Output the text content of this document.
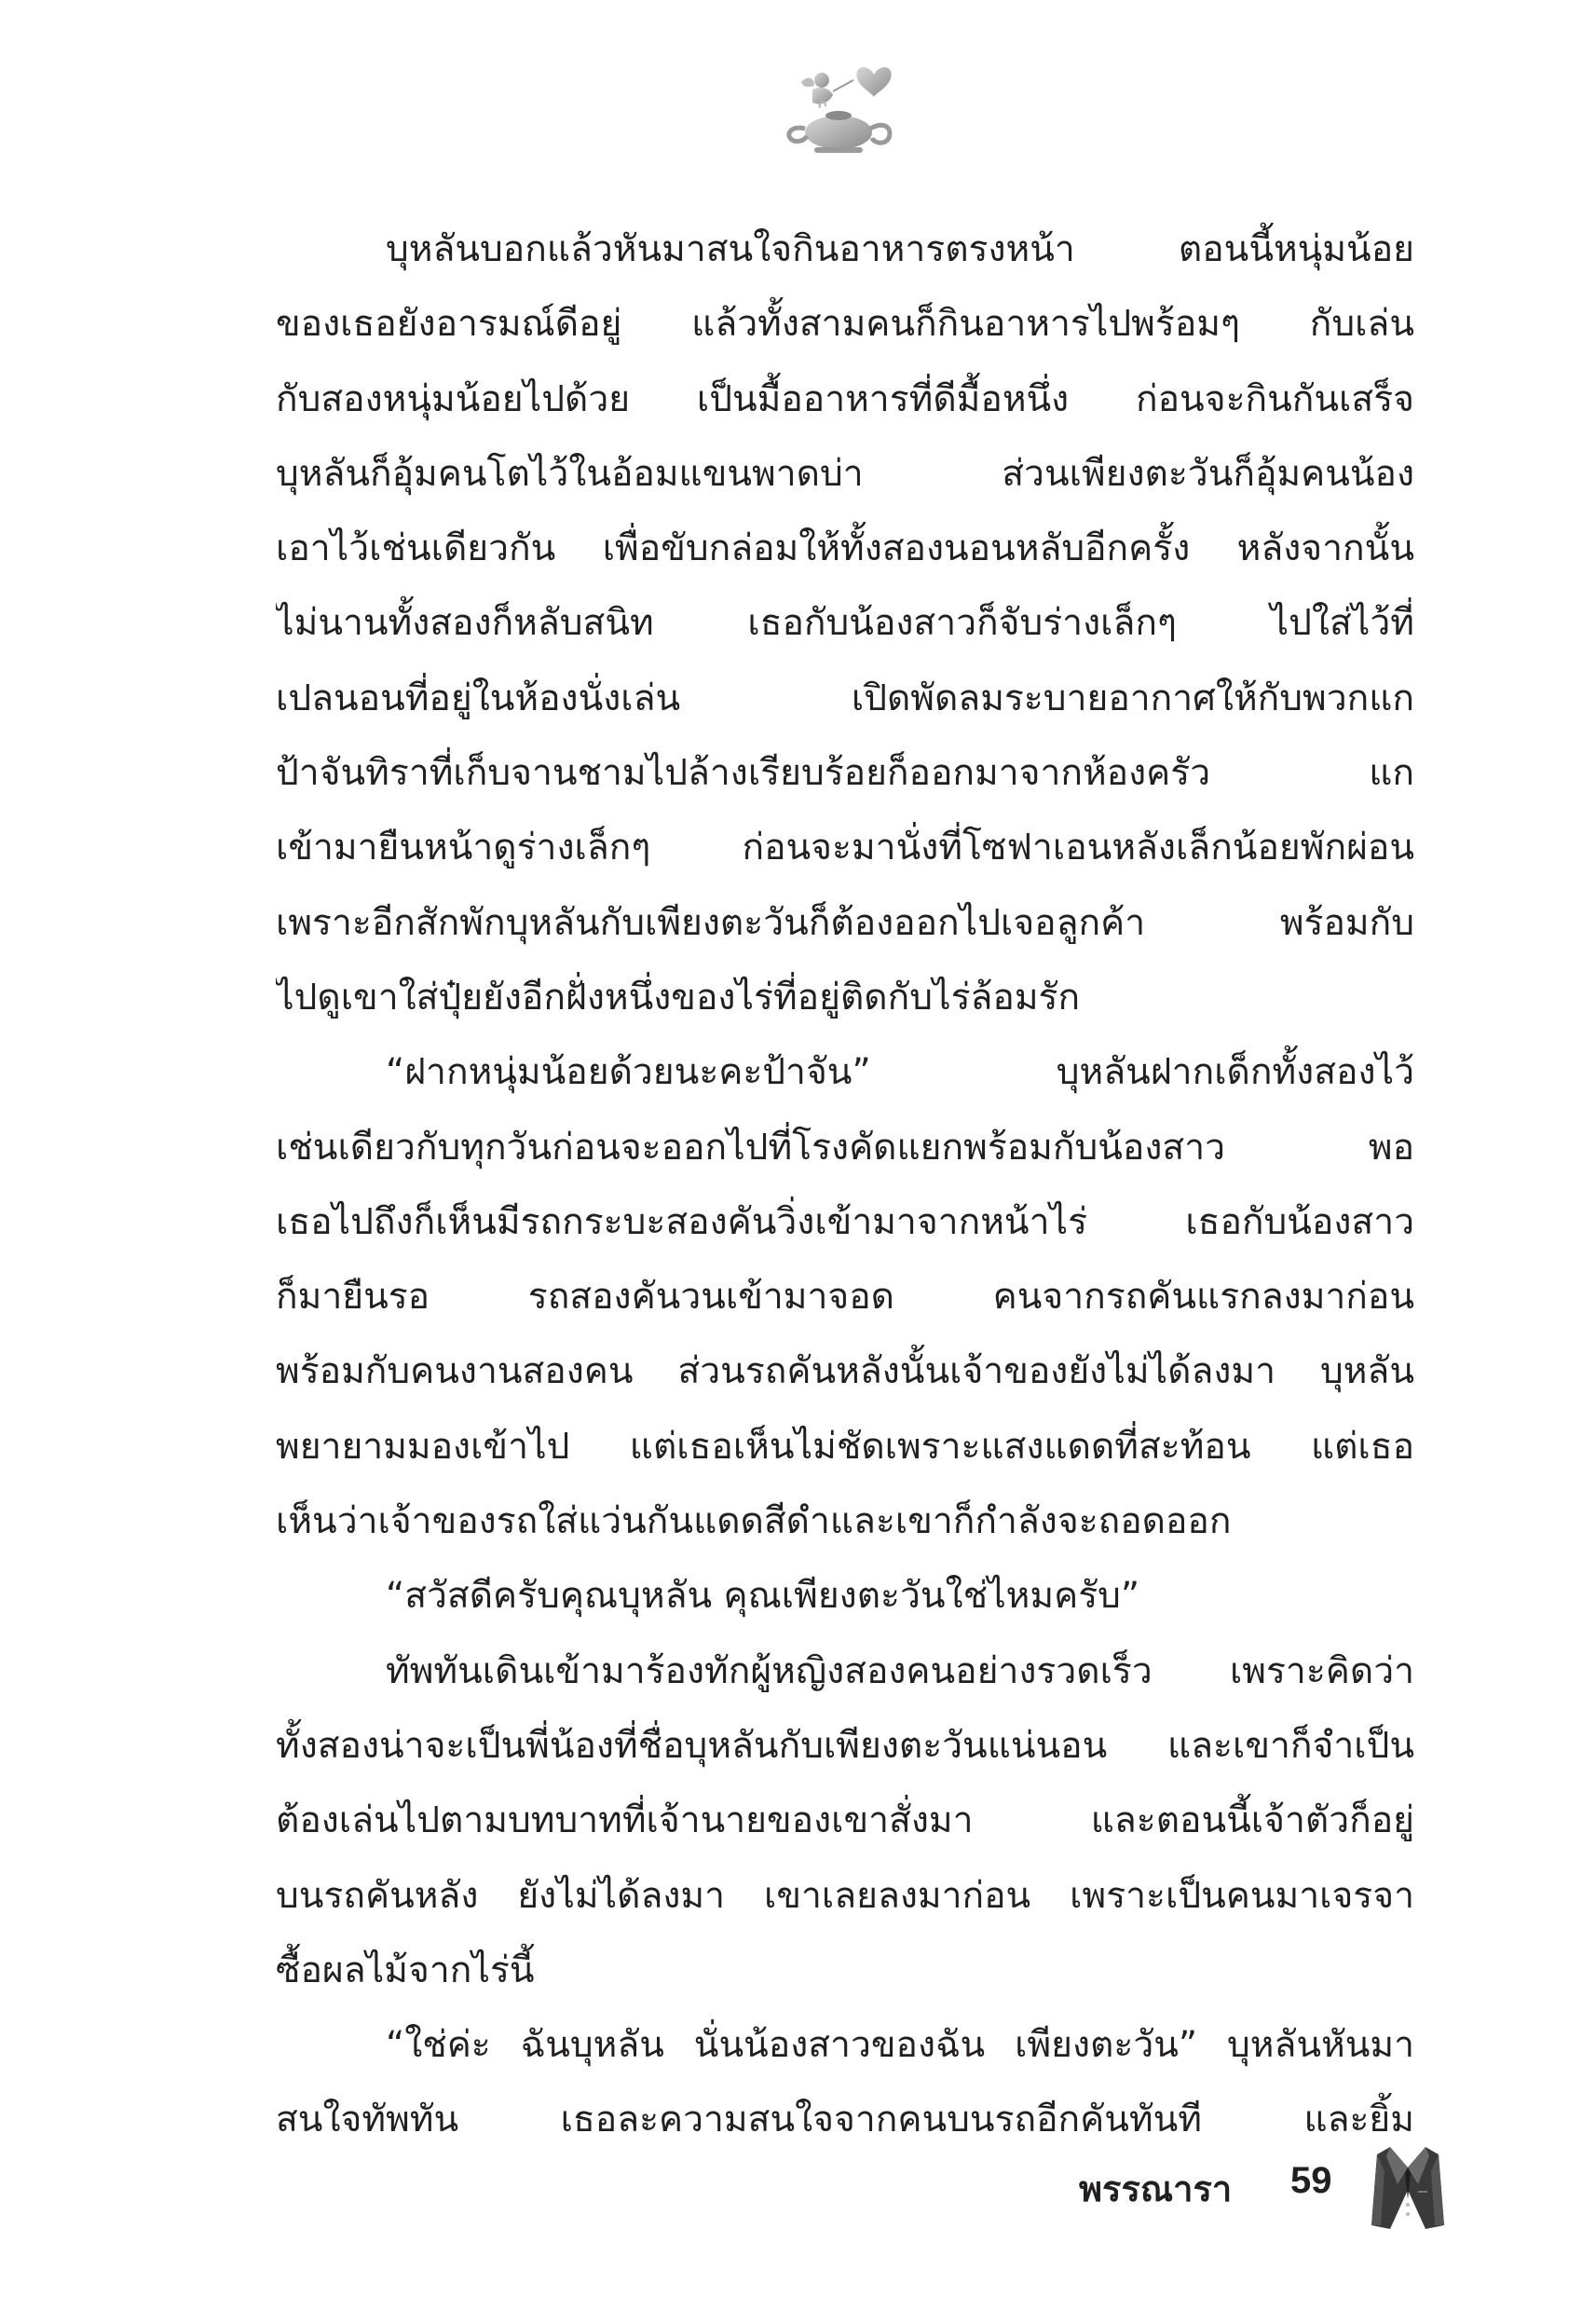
บุหลันบอกแล้วหันมาสนใจกินอาหารตรงหน้า ตอนนี้หนุ่มน้อย
ของเธอยังอารมณ์ดีอยู่ แล้วทั้งสามคนก็กินอาหารไปพร้อมๆ กับเล่น
กับสองหนุ่มน้อยไปด้วย เป็นมื้ออาหารที่ดีมื้อหนึ่ง ก่อนจะกินกันเสร็จ
บุหลันก็อุ้มคนโตไว้ในอ้อมแขนพาดบ่า ส่วนเพียงตะวันก็อุ้มคนน้อง
เอาไว้เช่นเดียวกัน เพื่อขับกล่อมให้ทั้งสองนอนหลับอีกครั้ง หลังจากนั้น
ไม่นานทั้งสองก็หลับสนิท เธอกับน้องสาวก็จับร่างเล็กๆ ไปใส่ไว้ที่
เปลนอนที่อยู่ในห้องนั่งเล่น เปิดพัดลมระบายอากาศให้กับพวกแก
ป้าจันทิราที่เก็บจานชามไปล้างเรียบร้อยก็ออกมาจากห้องครัว แก
เข้ามายืนหน้าดูร่างเล็กๆ ก่อนจะมานั่งที่โซฟาเอนหลังเล็กน้อยพักผ่อน
เพราะอีกสักพักบุหลันกับเพียงตะวันก็ต้องออกไปเจอลูกค้า พร้อมกับ
ไปดูเขาใส่ปุ๋ยยังอีกฝั่งหนึ่งของไร่ที่อยู่ติดกับไร่ล้อมรัก
“ฝากหนุ่มน้อยด้วยนะคะป้าจัน” บุหลันฝากเด็กทั้งสองไว้
เช่นเดียวกับทุกวันก่อนจะออกไปที่โรงคัดแยกพร้อมกับน้องสาว พอ
เธอไปถึงก็เห็นมีรถกระบะสองคันวิ่งเข้ามาจากหน้าไร่ เธอกับน้องสาว
ก็มายืนรอ รถสองคันวนเข้ามาจอด คนจากรถคันแรกลงมาก่อน
พร้อมกับคนงานสองคน ส่วนรถคันหลังนั้นเจ้าของยังไม่ได้ลงมา บุหลัน
พยายามมองเข้าไป แต่เธอเห็นไม่ชัดเพราะแสงแดดที่สะท้อน แต่เธอ
เห็นว่าเจ้าของรถใส่แว่นกันแดดสีดำและเขาก็กำลังจะถอดออก
“สวัสดีครับคุณบุหลัน คุณเพียงตะวันใช่ไหมครับ”
ทัพทันเดินเข้ามาร้องทักผู้หญิงสองคนอย่างรวดเร็ว เพราะคิดว่า
ทั้งสองน่าจะเป็นพี่น้องที่ชื่อบุหลันกับเพียงตะวันแน่นอน และเขาก็จำเป็น
ต้องเล่นไปตามบทบาทที่เจ้านายของเขาสั่งมา และตอนนี้เจ้าตัวก็อยู่
บนรถคันหลัง ยังไม่ได้ลงมา เขาเลยลงมาก่อน เพราะเป็นคนมาเจรจา
ซื้อผลไม้จากไร่นี้
“ใช่ค่ะ ฉันบุหลัน นั่นน้องสาวของฉัน เพียงตะวัน” บุหลันหันมา
สนใจทัพทัน เธอละความสนใจจากคนบนรถอีกคันทันที และยิ้ม
พรรณารา 59
